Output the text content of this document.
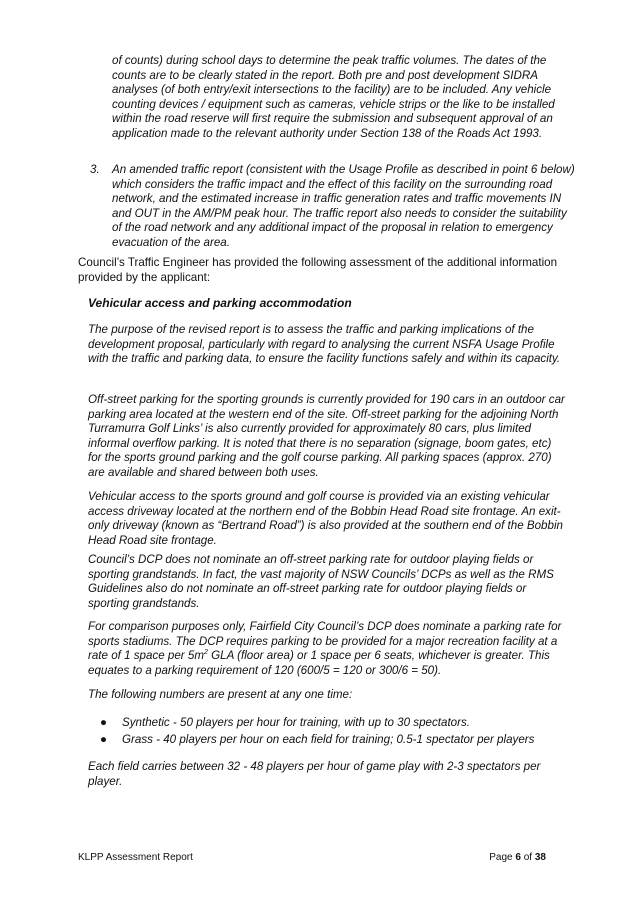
of counts) during school days to determine the peak traffic volumes. The dates of the counts are to be clearly stated in the report. Both pre and post development SIDRA analyses (of both entry/exit intersections to the facility) are to be included. Any vehicle counting devices / equipment such as cameras, vehicle strips or the like to be installed within the road reserve will first require the submission and subsequent approval of an application made to the relevant authority under Section 138 of the Roads Act 1993.

3.	An amended traffic report (consistent with the Usage Profile as described in point 6 below) which considers the traffic impact and the effect of this facility on the surrounding road network, and the estimated increase in traffic generation rates and traffic movements IN and OUT in the AM/PM peak hour. The traffic report also needs to consider the suitability of the road network and any additional impact of the proposal in relation to emergency evacuation of the area.

Council’s Traffic Engineer has provided the following assessment of the additional information provided by the applicant:

Vehicular access and parking accommodation

The purpose of the revised report is to assess the traffic and parking implications of the development proposal, particularly with regard to analysing the current NSFA Usage Profile with the traffic and parking data, to ensure the facility functions safely and within its capacity.

Off-street parking for the sporting grounds is currently provided for 190 cars in an outdoor car parking area located at the western end of the site. Off-street parking for the adjoining North Turramurra Golf Links’ is also currently provided for approximately 80 cars, plus limited informal overflow parking. It is noted that there is no separation (signage, boom gates, etc) for the sports ground parking and the golf course parking. All parking spaces (approx. 270) are available and shared between both uses.

Vehicular access to the sports ground and golf course is provided via an existing vehicular access driveway located at the northern end of the Bobbin Head Road site frontage. An exit-only driveway (known as “Bertrand Road”) is also provided at the southern end of the Bobbin Head Road site frontage.

Council’s DCP does not nominate an off-street parking rate for outdoor playing fields or sporting grandstands. In fact, the vast majority of NSW Councils’ DCPs as well as the RMS Guidelines also do not nominate an off-street parking rate for outdoor playing fields or sporting grandstands.

For comparison purposes only, Fairfield City Council’s DCP does nominate a parking rate for sports stadiums. The DCP requires parking to be provided for a major recreation facility at a rate of 1 space per $5m^2$ GLA (floor area) or 1 space per 6 seats, whichever is greater. This equates to a parking requirement of 120 (600/5 = 120 or 300/6 = 50).

The following numbers are present at any one time:

●	Synthetic - 50 players per hour for training, with up to 30 spectators.

●	Grass - 40 players per hour on each field for training; 0.5-1 spectator per players

Each field carries between 32 - 48 players per hour of game play with 2-3 spectators per player.

KLPP Assessment Report	Page 6 of 38
